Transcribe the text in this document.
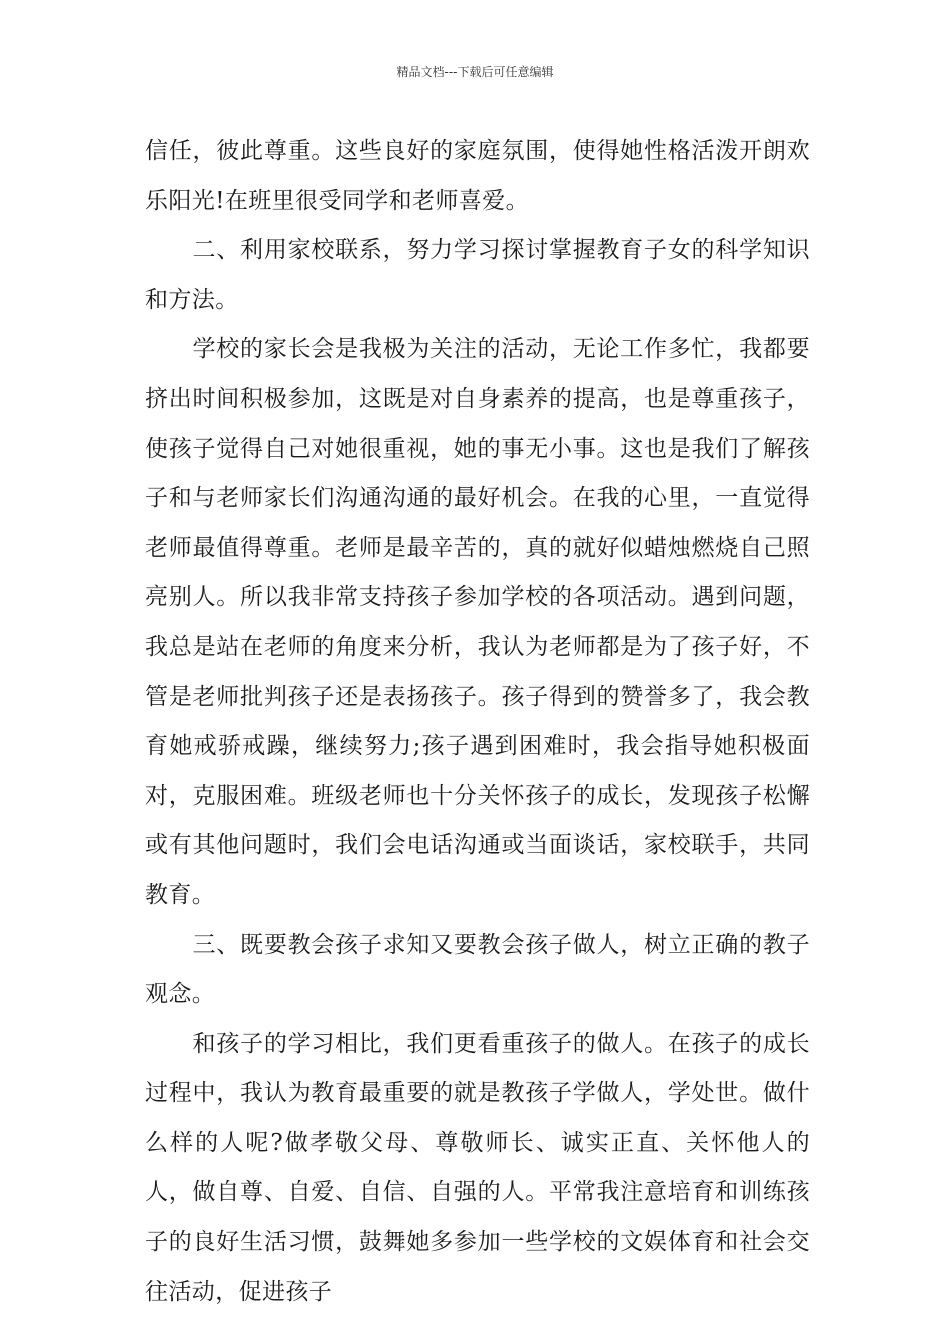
精品文档---下载后可任意编辑

信任，彼此尊重。这些良好的家庭氛围，使得她性格活泼开朗欢乐阳光!在班里很受同学和老师喜爱。

　　二、利用家校联系，努力学习探讨掌握教育子女的科学知识和方法。

　　学校的家长会是我极为关注的活动，无论工作多忙，我都要挤出时间积极参加，这既是对自身素养的提高，也是尊重孩子，使孩子觉得自己对她很重视，她的事无小事。这也是我们了解孩子和与老师家长们沟通沟通的最好机会。在我的心里，一直觉得老师最值得尊重。老师是最辛苦的，真的就好似蜡烛燃烧自己照亮别人。所以我非常支持孩子参加学校的各项活动。遇到问题，我总是站在老师的角度来分析，我认为老师都是为了孩子好，不管是老师批判孩子还是表扬孩子。孩子得到的赞誉多了，我会教育她戒骄戒躁，继续努力;孩子遇到困难时，我会指导她积极面对，克服困难。班级老师也十分关怀孩子的成长，发现孩子松懈或有其他问题时，我们会电话沟通或当面谈话，家校联手，共同教育。

　　三、既要教会孩子求知又要教会孩子做人，树立正确的教子观念。

　　和孩子的学习相比，我们更看重孩子的做人。在孩子的成长过程中，我认为教育最重要的就是教孩子学做人，学处世。做什么样的人呢?做孝敬父母、尊敬师长、诚实正直、关怀他人的人，做自尊、自爱、自信、自强的人。平常我注意培育和训练孩子的良好生活习惯，鼓舞她多参加一些学校的文娱体育和社会交往活动，促进孩子
